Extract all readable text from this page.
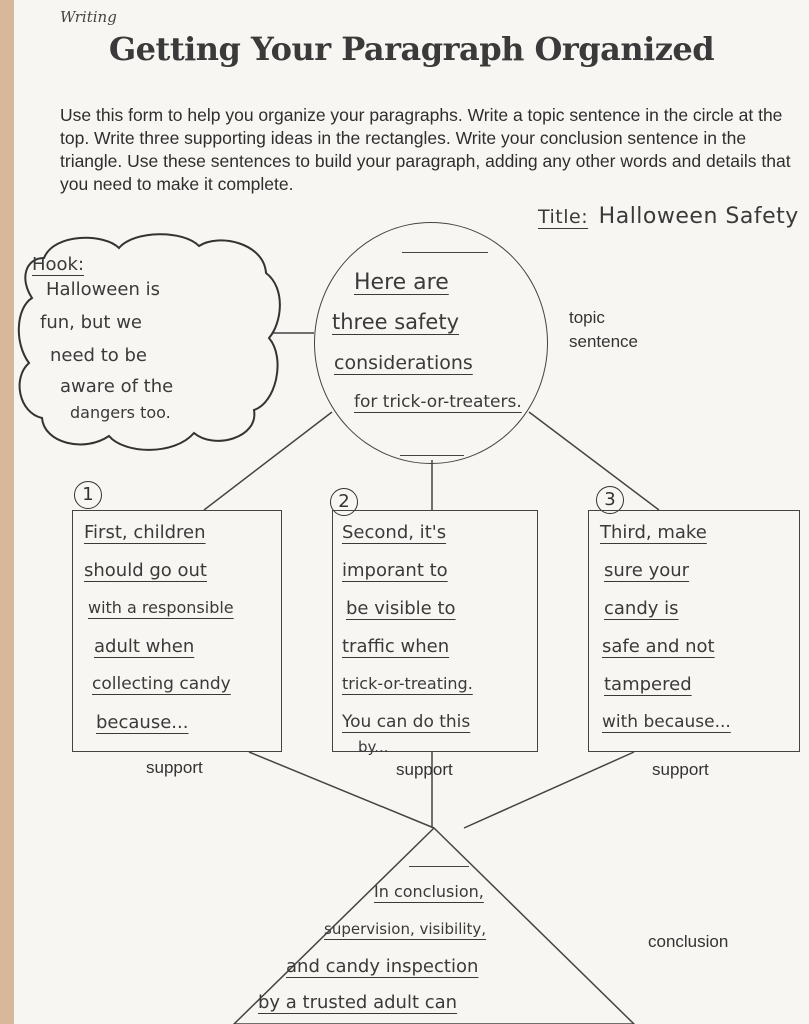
Writing
Getting Your Paragraph Organized
Use this form to help you organize your paragraphs. Write a topic sentence in the circle at the top. Write three supporting ideas in the rectangles. Write your conclusion sentence in the triangle. Use these sentences to build your paragraph, adding any other words and details that you need to make it complete.
Title: Halloween Safety
Hook:
Halloween is
fun, but we
need to be
aware of the
dangers too.
Here are
three safety
considerations
for trick-or-treaters.
topic
sentence
1
First, children
should go out
with a responsible
adult when
collecting candy
because...
support
2
Second, it's
imporant to
be visible to
traffic when
trick-or-treating.
You can do this
by...
support
3
Third, make
sure your
candy is
safe and not
tampered
with because...
support
In conclusion,
supervision, visibility,
and candy inspection
by a trusted adult can
conclusion
